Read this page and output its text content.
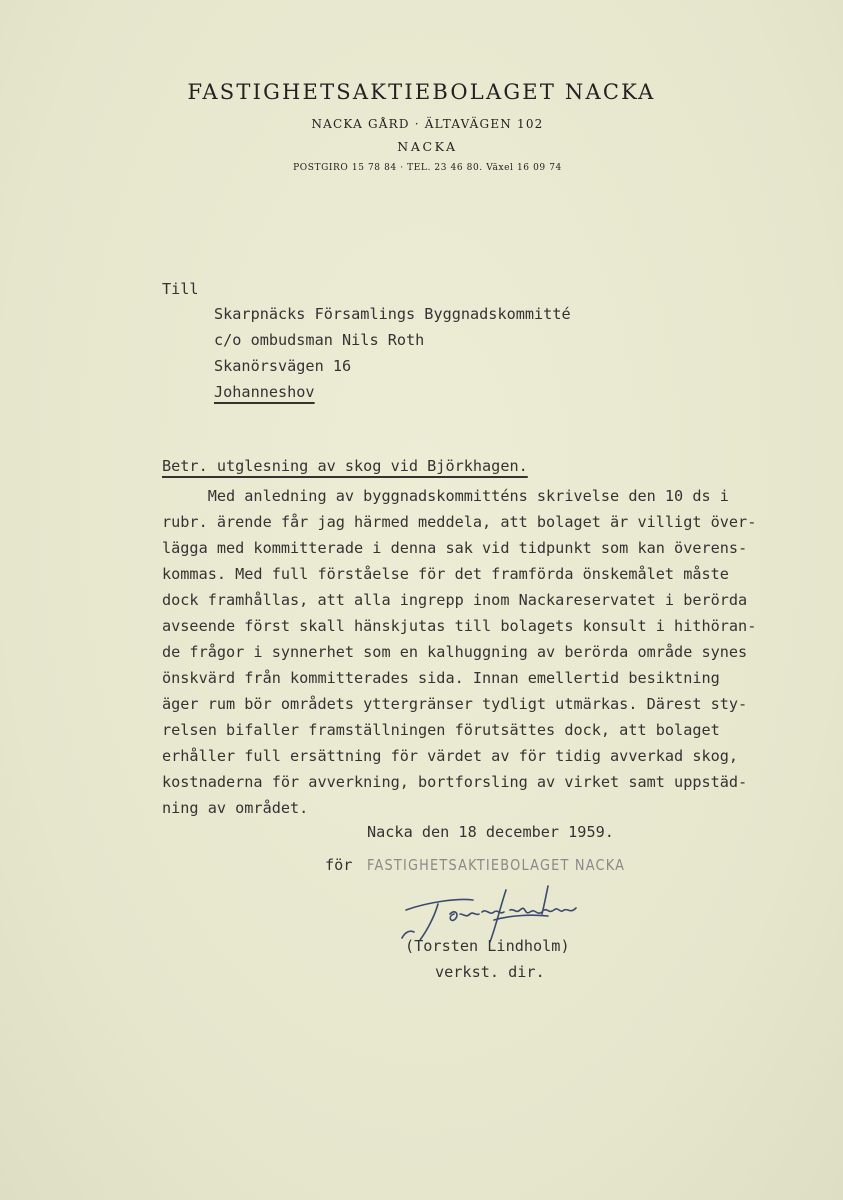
FASTIGHETSAKTIEBOLAGET NACKA
NACKA GÅRD · ÄLTAVÄGEN 102
NACKA
POSTGIRO 15 78 84 · TEL. 23 46 80. Växel 16 09 74
Till
Skarpnäcks Församlings Byggnadskommitté
c/o ombudsman Nils Roth
Skanörsvägen 16
Johanneshov
Betr. utglesning av skog vid Björkhagen.
Med anledning av byggnadskommitténs skrivelse den 10 ds i
rubr. ärende får jag härmed meddela, att bolaget är villigt över-
lägga med kommitterade i denna sak vid tidpunkt som kan överens-
kommas. Med full förståelse för det framförda önskemålet måste
dock framhållas, att alla ingrepp inom Nackareservatet i berörda
avseende först skall hänskjutas till bolagets konsult i hithöran-
de frågor i synnerhet som en kalhuggning av berörda område synes
önskvärd från kommitterades sida. Innan emellertid besiktning
äger rum bör områdets yttergränser tydligt utmärkas. Därest sty-
relsen bifaller framställningen förutsättes dock, att bolaget
erhåller full ersättning för värdet av för tidig avverkad skog,
kostnaderna för avverkning, bortforsling av virket samt uppstäd-
ning av området.
Nacka den 18 december 1959.
för FASTIGHETSAKTIEBOLAGET NACKA
Torsten Lindholm
(Torsten Lindholm)
verkst. dir.
